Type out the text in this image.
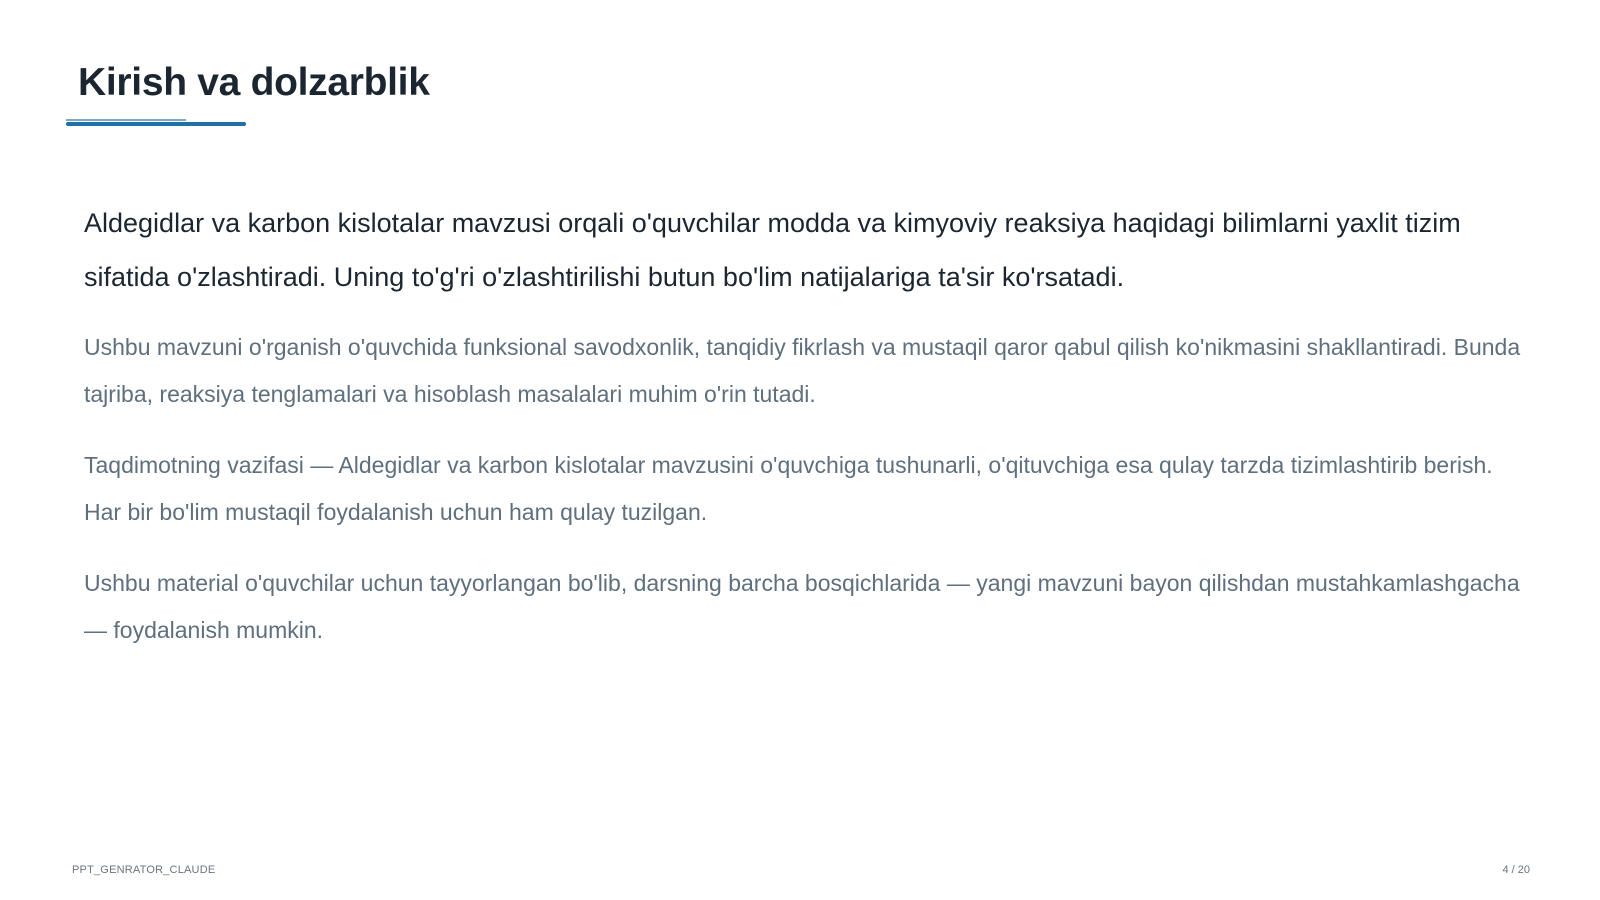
Kirish va dolzarblik

Aldegidlar va karbon kislotalar mavzusi orqali o'quvchilar modda va kimyoviy reaksiya haqidagi bilimlarni yaxlit tizim sifatida o'zlashtiradi. Uning to'g'ri o'zlashtirilishi butun bo'lim natijalariga ta'sir ko'rsatadi.

Ushbu mavzuni o'rganish o'quvchida funksional savodxonlik, tanqidiy fikrlash va mustaqil qaror qabul qilish ko'nikmasini shakllantiradi. Bunda tajriba, reaksiya tenglamalari va hisoblash masalalari muhim o'rin tutadi.

Taqdimotning vazifasi — Aldegidlar va karbon kislotalar mavzusini o'quvchiga tushunarli, o'qituvchiga esa qulay tarzda tizimlashtirib berish. Har bir bo'lim mustaqil foydalanish uchun ham qulay tuzilgan.

Ushbu material o'quvchilar uchun tayyorlangan bo'lib, darsning barcha bosqichlarida — yangi mavzuni bayon qilishdan mustahkamlashgacha — foydalanish mumkin.

PPT_GENRATOR_CLAUDE	4 / 20
